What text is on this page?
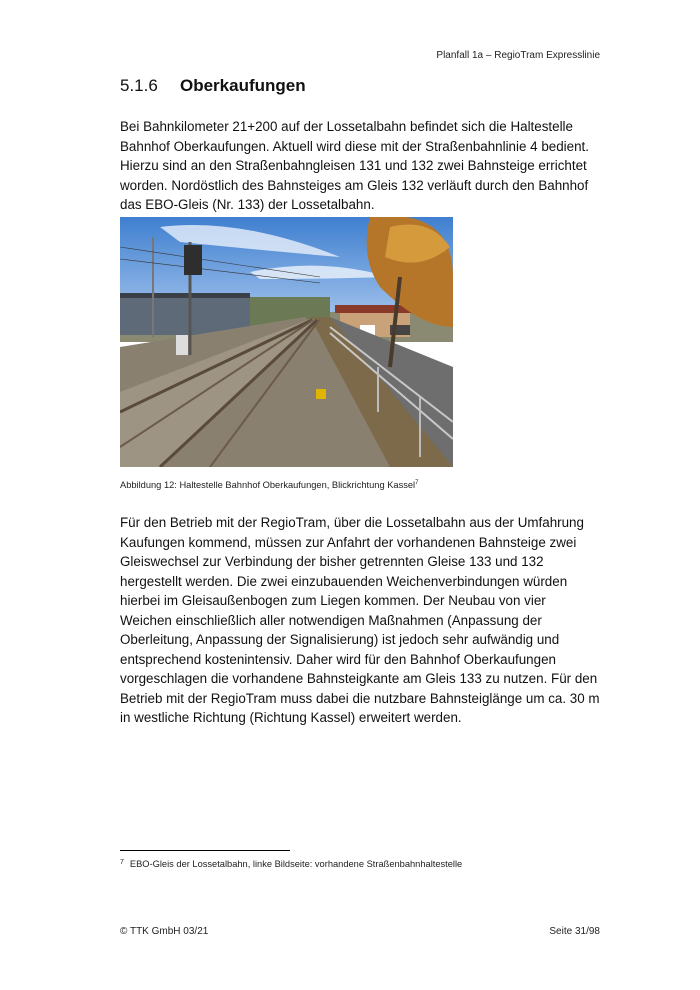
Planfall 1a – RegioTram Expresslinie
5.1.6 Oberkaufungen

Bei Bahnkilometer 21+200 auf der Lossetalbahn befindet sich die Haltestelle Bahnhof Oberkaufungen. Aktuell wird diese mit der Straßenbahnlinie 4 bedient. Hierzu sind an den Straßenbahngleisen 131 und 132 zwei Bahnsteige errichtet worden. Nordöstlich des Bahnsteiges am Gleis 132 verläuft durch den Bahnhof das EBO-Gleis (Nr. 133) der Lossetalbahn.

Abbildung 12: Haltestelle Bahnhof Oberkaufungen, Blickrichtung Kassel$^7$

Für den Betrieb mit der RegioTram, über die Lossetalbahn aus der Umfahrung Kaufungen kommend, müssen zur Anfahrt der vorhandenen Bahnsteige zwei Gleiswechsel zur Verbindung der bisher getrennten Gleise 133 und 132 hergestellt werden. Die zwei einzubauenden Weichenverbindungen würden hierbei im Gleisaußenbogen zum Liegen kommen. Der Neubau von vier Weichen einschließlich aller notwendigen Maßnahmen (Anpassung der Oberleitung, Anpassung der Signalisierung) ist jedoch sehr aufwändig und entsprechend kostenintensiv. Daher wird für den Bahnhof Oberkaufungen vorgeschlagen die vorhandene Bahnsteigkante am Gleis 133 zu nutzen. Für den Betrieb mit der RegioTram muss dabei die nutzbare Bahnsteiglänge um ca. 30 m in westliche Richtung (Richtung Kassel) erweitert werden.

$^7$ EBO-Gleis der Lossetalbahn, linke Bildseite: vorhandene Straßenbahnhaltestelle
© TTK GmbH 03/21	Seite 31/98
